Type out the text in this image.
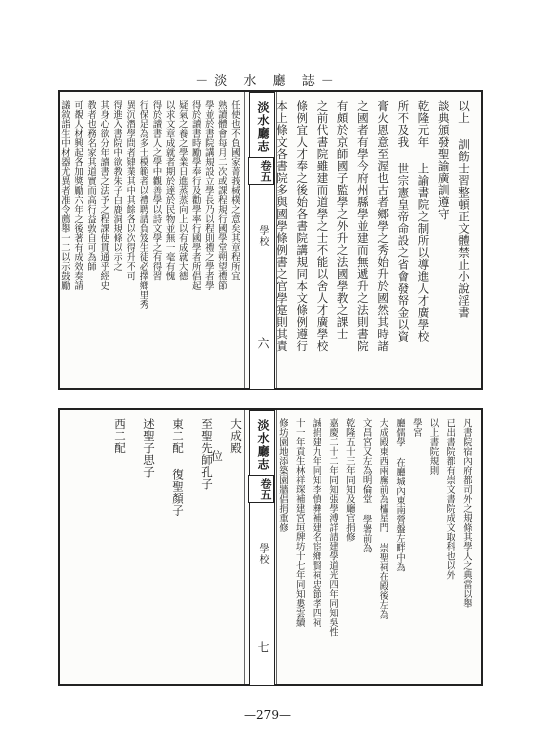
－淡 水 廳 誌－
以上 訓飭士習整頓正文體禁止小說淫書
談典頒發聖諭廣訓遵守
乾隆元年 上諭書院之制所以導進人才廣學校
所不及我 世宗憲皇帝命設之省會發帑金以資
膏火恩意至渥也古者鄉學之秀始升於國然其時諸
之國者有學今府州縣學並建而無遞升之法則書院
有頗於京師國子監學之外升之法國學教之課士
之前代書院雖建而道學之士不能以舍人才廣學校
條例宜人才奉之後始各書院講規同本文條例遵行
本上條文各書院多與國學條例書之官學寔則其責
任使也不負國家菁莪棫樸之意矣其章程所宜
熟讀體會每月二次或課程規行國學堂朔望禮節
學並於書院講規設立學長乃以程則禮之學者學
得於讀書時勵學奉行及勸學率行國學者所倡起
疑氣之養之學業日進蒸蒸向上以有成就大德
以求文章成就者期於達於民物並無一毫有愧
得於讀書人之學中觀善學以詩文學之有得習
行保足為多士模範者以禮聘請負笈生徒必擇鄉里秀
異沉潛學問者肄業其中其餘各以次得升不可
得進入書院中欲教朱子白鹿洞規條以示之
其身心欲分年讀書之法予之程課使貫通乎經史
教者也務名家其道實而高行益敦自可為師
可覩人材興起各加獎勵六年之後著有成效奏請
議敘詣生中材器尤異者准令薦舉一二以示鼓勵	淡水廳志
卷五
學校
六
凡書院宿內府都司外之規條其學人之典當以舉
已出書院都有崇文書院成文取科也以外
以上書院規則
學宮
廳儒學 在廳城內東南營盤左畔中為
大成殿東西兩廡前為櫺星門 崇聖祠在殿後左為
文昌宮又左為明倫堂 學署前為
乾隆五十三年同知及廳官捐修
嘉慶二十二年同知張學溥詳請建學道光四年同知吳性
誠捐建九年同知李慎彝補建名宦鄉賢祠忠節孝四祠
十一年貢生林祥琛補建宮垣牌坊十七年同知婁雲續
修坊園地添築園牆倡捐重修
大成殿
至聖先師孔子
東二配 復聖顏子
述聖子思子
西二配	淡水廳志
卷五
學校
七
位
—279—
